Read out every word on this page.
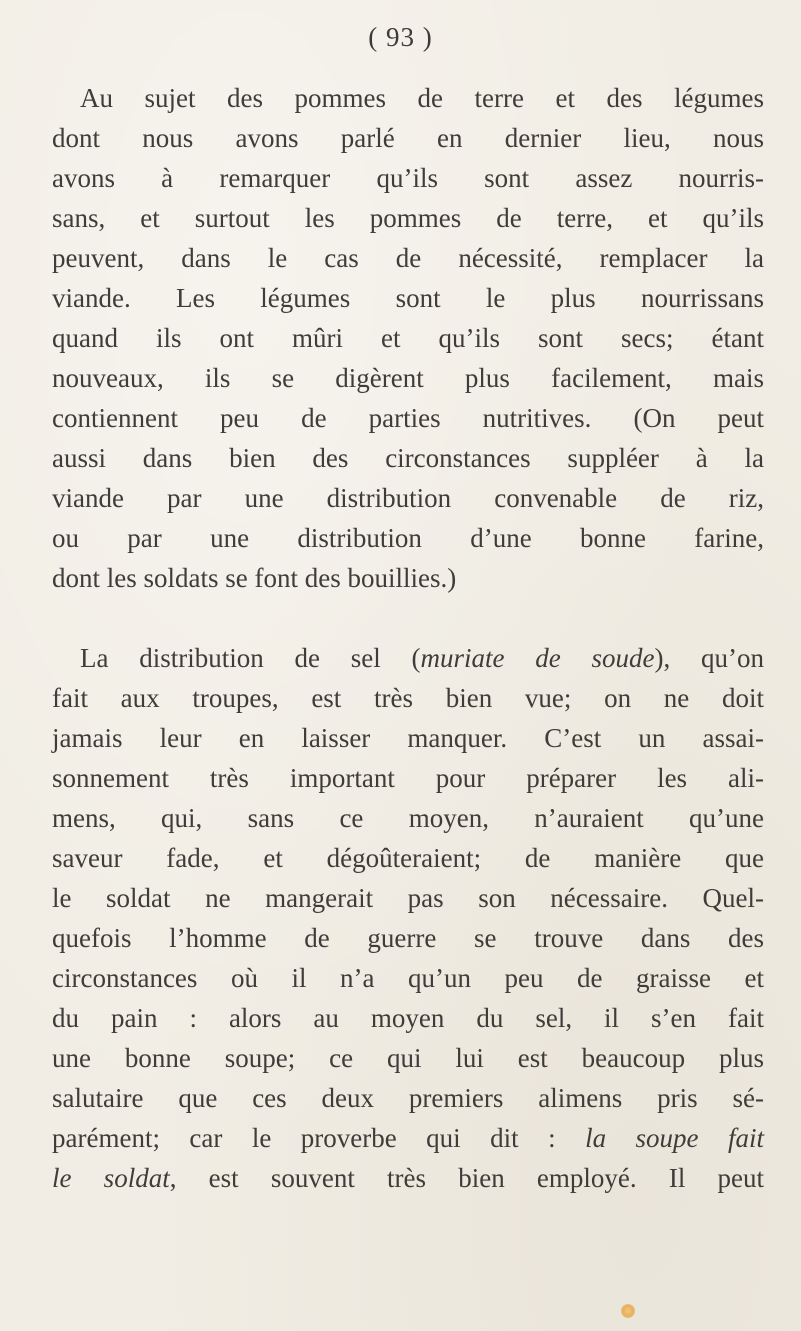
( 93 )
Au sujet des pommes de terre et des légumes
dont nous avons parlé en dernier lieu, nous
avons à remarquer qu’ils sont assez nourris-
sans, et surtout les pommes de terre, et qu’ils
peuvent, dans le cas de nécessité, remplacer la
viande. Les légumes sont le plus nourrissans
quand ils ont mûri et qu’ils sont secs; étant
nouveaux, ils se digèrent plus facilement, mais
contiennent peu de parties nutritives. (On peut
aussi dans bien des circonstances suppléer à la
viande par une distribution convenable de riz,
ou par une distribution d’une bonne farine,
dont les soldats se font des bouillies.)
La distribution de sel (muriate de soude), qu’on
fait aux troupes, est très bien vue; on ne doit
jamais leur en laisser manquer. C’est un assai-
sonnement très important pour préparer les ali-
mens, qui, sans ce moyen, n’auraient qu’une
saveur fade, et dégoûteraient; de manière que
le soldat ne mangerait pas son nécessaire. Quel-
quefois l’homme de guerre se trouve dans des
circonstances où il n’a qu’un peu de graisse et
du pain : alors au moyen du sel, il s’en fait
une bonne soupe; ce qui lui est beaucoup plus
salutaire que ces deux premiers alimens pris sé-
parément; car le proverbe qui dit : la soupe fait
le soldat, est souvent très bien employé. Il peut
